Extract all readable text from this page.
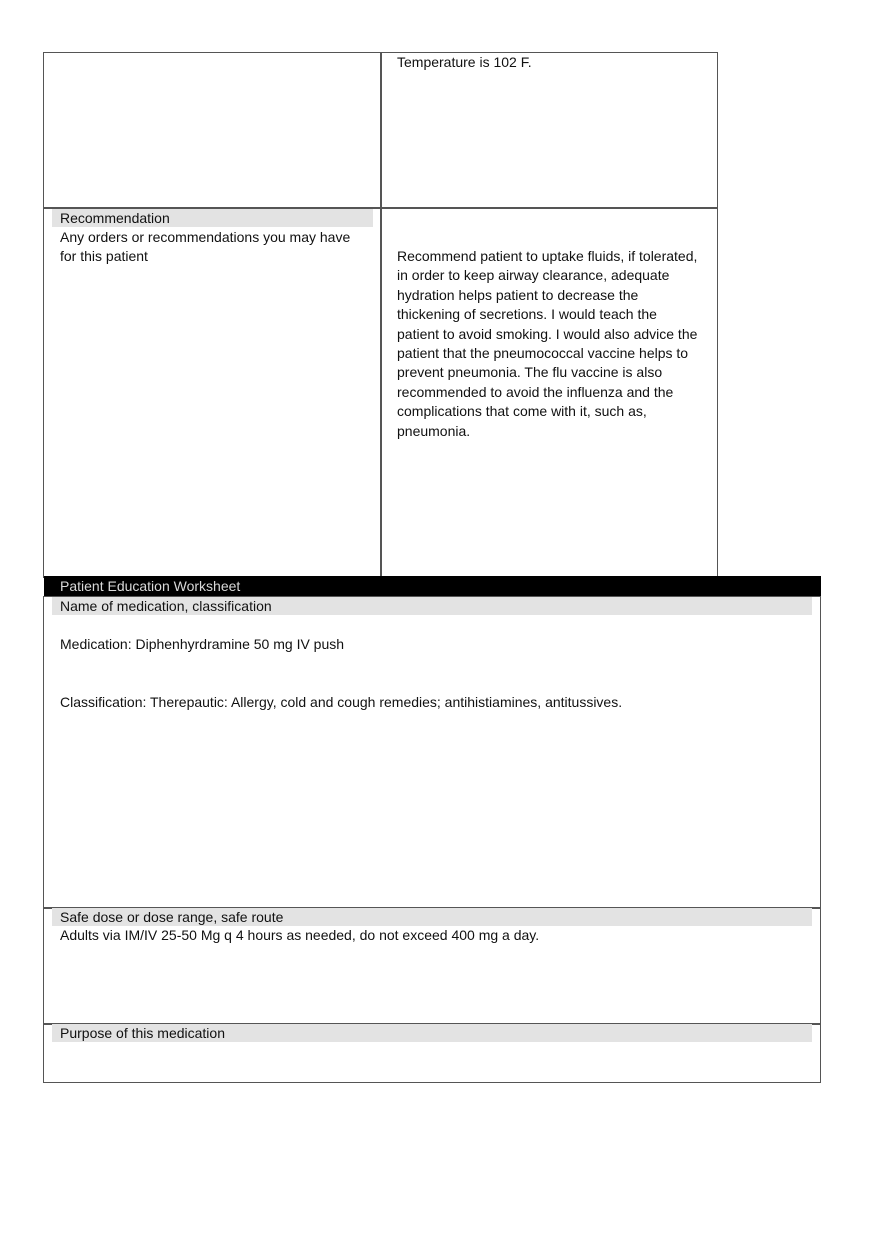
Temperature is 102 F.
Recommendation
Any orders or recommendations you may have
for this patient	Recommend patient to uptake fluids, if tolerated,
in order to keep airway clearance, adequate
hydration helps patient to decrease the
thickening of secretions. I would teach the
patient to avoid smoking. I would also advice the
patient that the pneumococcal vaccine helps to
prevent pneumonia. The flu vaccine is also
recommended to avoid the influenza and the
complications that come with it, such as,
pneumonia.
Patient Education Worksheet
Name of medication, classification
Medication: Diphenhyrdramine 50 mg IV push
Classification: Therepautic: Allergy, cold and cough remedies; antihistiamines, antitussives.
Safe dose or dose range, safe route
Adults via IM/IV 25-50 Mg q 4 hours as needed, do not exceed 400 mg a day.
Purpose of this medication
